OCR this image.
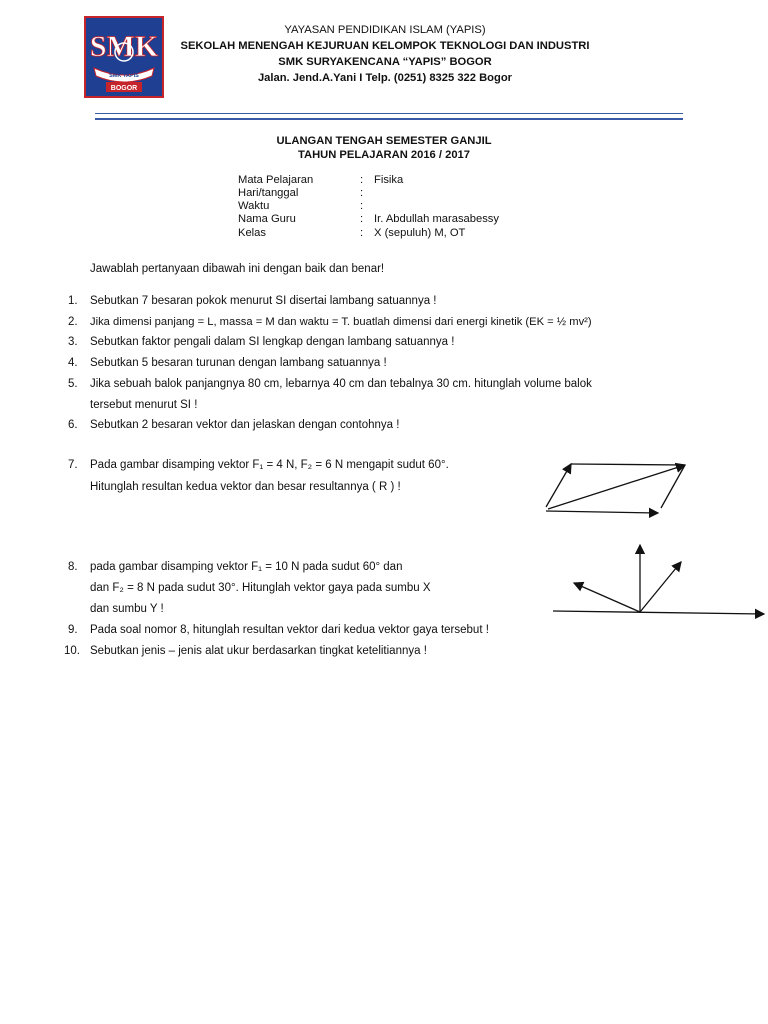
SMK
SMK YAPIS
BOGOR
YAYASAN PENDIDIKAN ISLAM (YAPIS)
SEKOLAH MENENGAH KEJURUAN KELOMPOK TEKNOLOGI DAN INDUSTRI
SMK SURYAKENCANA “YAPIS” BOGOR
Jalan. Jend.A.Yani I Telp. (0251) 8325 322 Bogor
ULANGAN TENGAH SEMESTER GANJIL
TAHUN PELAJARAN 2016 / 2017
Mata Pelajaran	: Fisika
Hari/tanggal	:
Waktu	:
Nama Guru	: Ir. Abdullah marasabessy
Kelas	: X (sepuluh) M, OT
Jawablah pertanyaan dibawah ini dengan baik dan benar!
1. Sebutkan 7 besaran pokok menurut SI disertai lambang satuannya !
2. Jika dimensi panjang = L, massa = M dan waktu = T. buatlah dimensi dari energi kinetik (EK = ½ mv²)
3. Sebutkan faktor pengali dalam SI lengkap dengan lambang satuannya !
4. Sebutkan 5 besaran turunan dengan lambang satuannya !
5. Jika sebuah balok panjangnya 80 cm, lebarnya 40 cm dan tebalnya 30 cm. hitunglah volume balok
tersebut menurut SI !
6. Sebutkan 2 besaran vektor dan jelaskan dengan contohnya !
7. Pada gambar disamping vektor F₁ = 4 N, F₂ = 6 N mengapit sudut 60°.
Hitunglah resultan kedua vektor dan besar resultannya ( R ) !
8. pada gambar disamping vektor F₁ = 10 N pada sudut 60° dan
dan F₂ = 8 N pada sudut 30°. Hitunglah vektor gaya pada sumbu X
dan sumbu Y !
9. Pada soal nomor 8, hitunglah resultan vektor dari kedua vektor gaya tersebut !
10. Sebutkan jenis – jenis alat ukur berdasarkan tingkat ketelitiannya !
